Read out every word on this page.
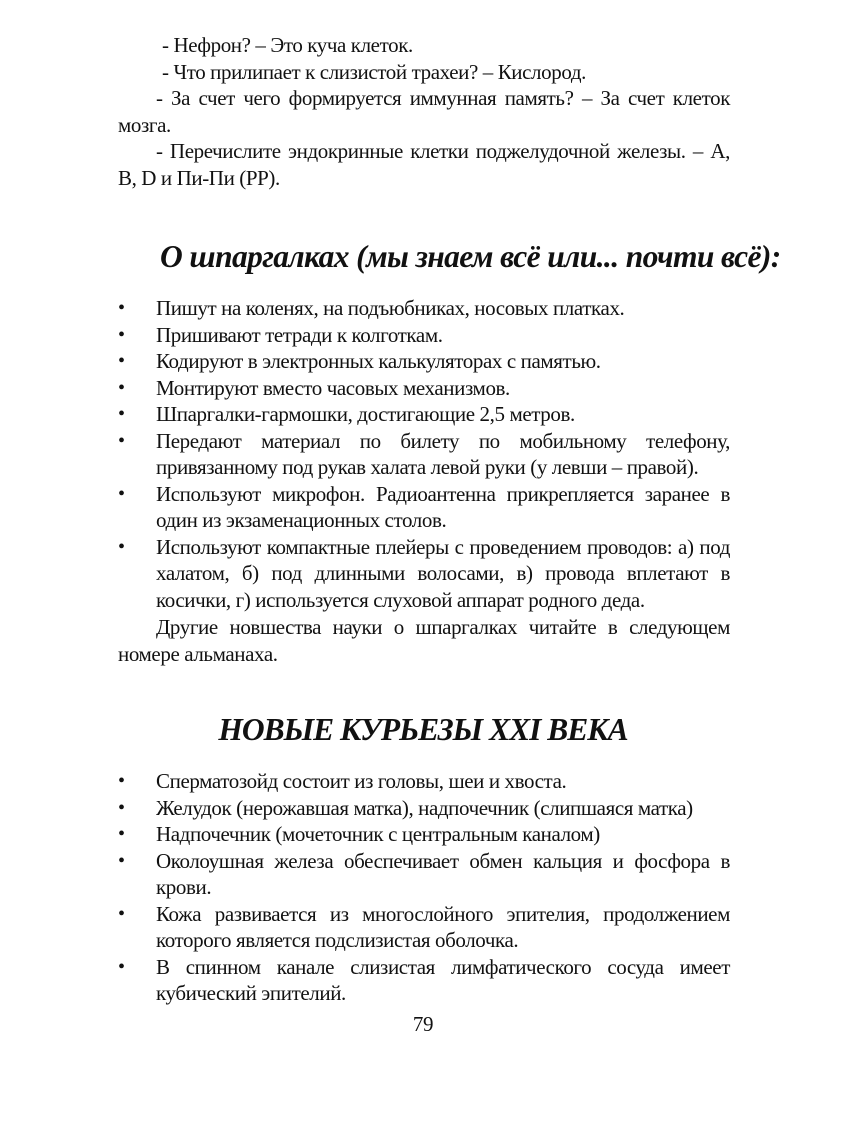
- Нефрон? – Это куча клеток.

- Что прилипает к слизистой трахеи? – Кислород.

- За счет чего формируется иммунная память? – За счет клеток мозга.

- Перечислите эндокринные клетки поджелудочной железы. – A, B, D и Пи-Пи (PP).

О шпаргалках (мы знаем всё или... почти всё):
• Пишут на коленях, на подъюбниках, носовых платках.
• Пришивают тетради к колготкам.
• Кодируют в электронных калькуляторах с памятью.
• Монтируют вместо часовых механизмов.
• Шпаргалки-гармошки, достигающие 2,5 метров.
• Передают материал по билету по мобильному телефону, привязанному под рукав халата левой руки (у левши – правой).
• Используют микрофон. Радиоантенна прикрепляется заранее в один из экзаменационных столов.
• Используют компактные плейеры с проведением проводов: а) под халатом, б) под длинными волосами, в) провода вплетают в косички, г) используется слуховой аппарат родного деда.

Другие новшества науки о шпаргалках читайте в следующем номере альманаха.

НОВЫЕ КУРЬЕЗЫ XXI ВЕКА
• Сперматозойд состоит из головы, шеи и хвоста.
• Желудок (нерожавшая матка), надпочечник (слипшаяся матка)
• Надпочечник (мочеточник с центральным каналом)
• Околоушная железа обеспечивает обмен кальция и фосфора в крови.
• Кожа развивается из многослойного эпителия, продолжением которого является подслизистая оболочка.
• В спинном канале слизистая лимфатического сосуда имеет кубический эпителий.
79
